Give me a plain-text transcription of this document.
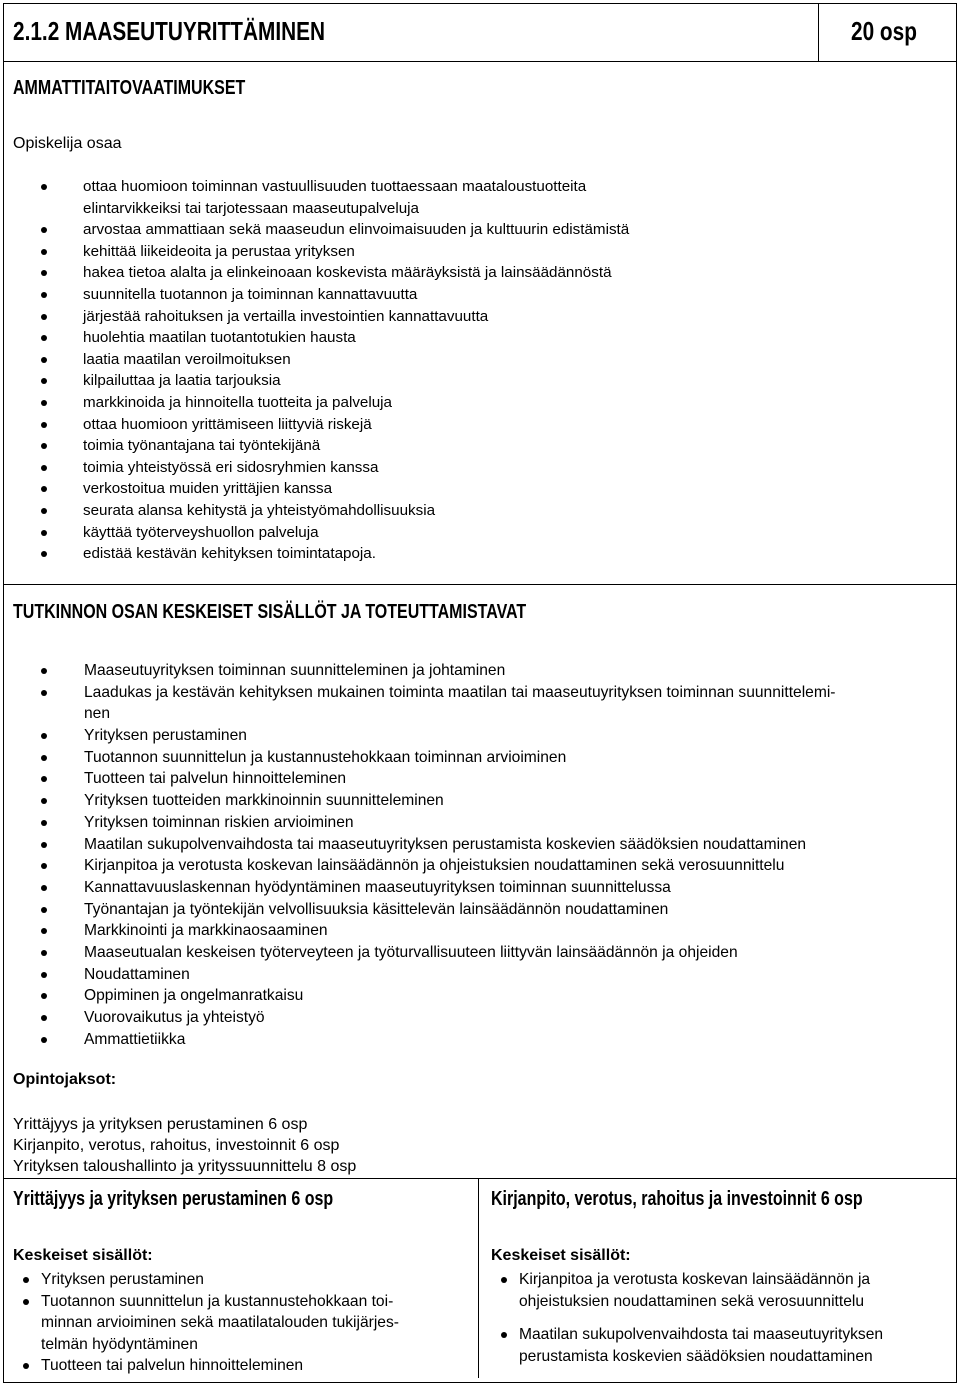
2.1.2 MAASEUTUYRITTÄMINEN	20 osp
AMMATTITAITOVAATIMUKSET
Opiskelija osaa
ottaa huomioon toiminnan vastuullisuuden tuottaessaan maataloustuotteita
elintarvikkeiksi tai tarjotessaan maaseutupalveluja
arvostaa ammattiaan sekä maaseudun elinvoimaisuuden ja kulttuurin edistämistä
kehittää liikeideoita ja perustaa yrityksen
hakea tietoa alalta ja elinkeinoaan koskevista määräyksistä ja lainsäädännöstä
suunnitella tuotannon ja toiminnan kannattavuutta
järjestää rahoituksen ja vertailla investointien kannattavuutta
huolehtia maatilan tuotantotukien hausta
laatia maatilan veroilmoituksen
kilpailuttaa ja laatia tarjouksia
markkinoida ja hinnoitella tuotteita ja palveluja
ottaa huomioon yrittämiseen liittyviä riskejä
toimia työnantajana tai työntekijänä
toimia yhteistyössä eri sidosryhmien kanssa
verkostoitua muiden yrittäjien kanssa
seurata alansa kehitystä ja yhteistyömahdollisuuksia
käyttää työterveyshuollon palveluja
edistää kestävän kehityksen toimintatapoja.
TUTKINNON OSAN KESKEISET SISÄLLÖT JA TOTEUTTAMISTAVAT
Maaseutuyrityksen toiminnan suunnitteleminen ja johtaminen
Laadukas ja kestävän kehityksen mukainen toiminta maatilan tai maaseutuyrityksen toiminnan suunnittelemi-
nen
Yrityksen perustaminen
Tuotannon suunnittelun ja kustannustehokkaan toiminnan arvioiminen
Tuotteen tai palvelun hinnoitteleminen
Yrityksen tuotteiden markkinoinnin suunnitteleminen
Yrityksen toiminnan riskien arvioiminen
Maatilan sukupolvenvaihdosta tai maaseutuyrityksen perustamista koskevien säädöksien noudattaminen
Kirjanpitoa ja verotusta koskevan lainsäädännön ja ohjeistuksien noudattaminen sekä verosuunnittelu
Kannattavuuslaskennan hyödyntäminen maaseutuyrityksen toiminnan suunnittelussa
Työnantajan ja työntekijän velvollisuuksia käsittelevän lainsäädännön noudattaminen
Markkinointi ja markkinaosaaminen
Maaseutualan keskeisen työterveyteen ja työturvallisuuteen liittyvän lainsäädännön ja ohjeiden
Noudattaminen
Oppiminen ja ongelmanratkaisu
Vuorovaikutus ja yhteistyö
Ammattietiikka
Opintojaksot:
Yrittäjyys ja yrityksen perustaminen 6 osp
Kirjanpito, verotus, rahoitus, investoinnit 6 osp
Yrityksen taloushallinto ja yrityssuunnittelu 8 osp
Yrittäjyys ja yrityksen perustaminen 6 osp
Keskeiset sisällöt:
Yrityksen perustaminen
Tuotannon suunnittelun ja kustannustehokkaan toi-
minnan arvioiminen sekä maatilatalouden tukijärjes-
telmän hyödyntäminen
Tuotteen tai palvelun hinnoitteleminen
Kirjanpito, verotus, rahoitus ja investoinnit 6 osp
Keskeiset sisällöt:
Kirjanpitoa ja verotusta koskevan lainsäädännön ja
ohjeistuksien noudattaminen sekä verosuunnittelu
Maatilan sukupolvenvaihdosta tai maaseutuyrityksen
perustamista koskevien säädöksien noudattaminen
